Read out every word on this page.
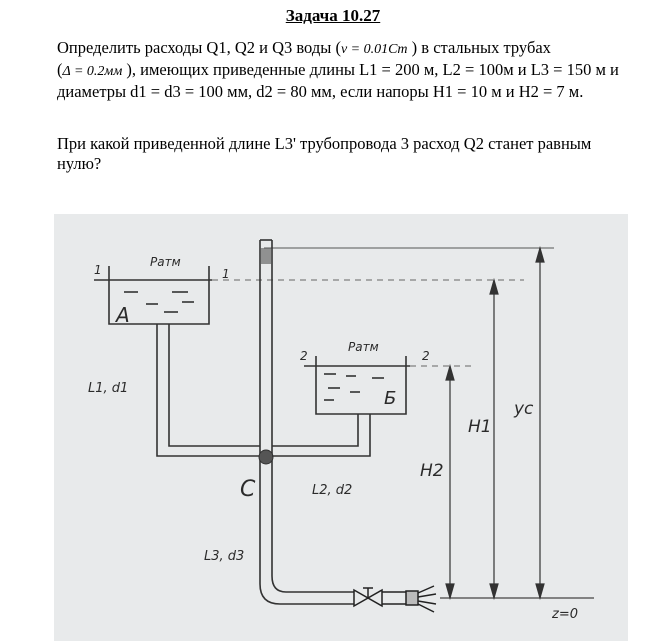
Задача 10.27
Определить расходы Q1, Q2 и Q3 воды (ν = 0.01Cm ) в стальных трубах
(Δ = 0.2мм ), имеющих приведенные длины L1 = 200 м, L2 = 100м и L3 = 150 м и диаметры d1 = d3 = 100 мм, d2 = 80 мм, если напоры H1 = 10 м и H2 = 7 м.
При какой приведенной длине L3' трубопровода 3 расход Q2 станет равным нулю?
А
Ратм
1	1
L1, d1
L3, d3
C	L2, d2
Б
Ратм
2	2
z=0
H2
H1
yc
